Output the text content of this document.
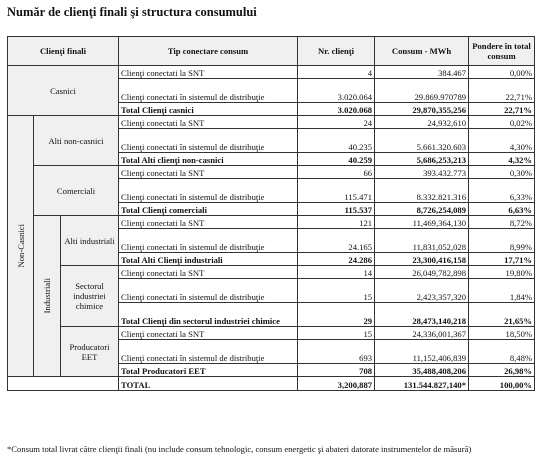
Număr de clienţi finali şi structura consumului
Clienţi finali			Tip conectare consum	Nr. clienţi	Consum - MWh	Pondere în total consum
Casnici			Clienţi conectati la SNT	4	384.467	0,00%
			Clienţi conectati în sistemul de distribuţie	3.020.064	29.869.970789	22,71%
			Total Clienţi casnici	3.020.068	29,870,355,256	22,71%

Non-Casnici	Alti non-casnici		Clienţi conectati la SNT	24	24,932,610	0,02%
			Clienţi conectati în sistemul de distribuţie	40.235	5.661.320.603	4,30%
			Total Alti clienţi non-casnici	40.259	5,686,253,213	4,32%
	Comerciali		Clienţi conectati la SNT	66	393.432.773	0,30%
			Clienţi conectati în sistemul de distribuţie	115.471	8.332.821.316	6,33%
			Total Clienţi comerciali	115.537	8,726,254,089	6,63%

	Industriali	Alti industriali	Clienţi conectati la SNT	121	11,469,364,130	8,72%
			Clienţi conectati în sistemul de distribuţie	24.165	11,831,052,028	8,99%
			Total Alti Clienţi industriali	24.286	23,300,416,158	17,71%
		Sectorul industriei chimice	Clienţi conectati la SNT	14	26,049,782,898	19,80%
			Clienţi conectati în sistemul de distribuţie	15	2,423,357,320	1,84%
			Total Clienţi din sectorul industriei chimice	29	28,473,140,218	21,65%
		Producatori EET	Clienţi conectati la SNT	15	24,336,001,367	18,50%
			Clienţi conectati în sistemul de distribuţie	693	11,152,406,839	8,48%
			Total Producatori EET	708	35,488,408,206	26,98%
			TOTAL	3,200,887	131.544.827,140*	100,00%
*Consum total livrat către clienţii finali (nu include consum tehnologic, consum energetic şi abateri datorate instrumentelor de măsură)
